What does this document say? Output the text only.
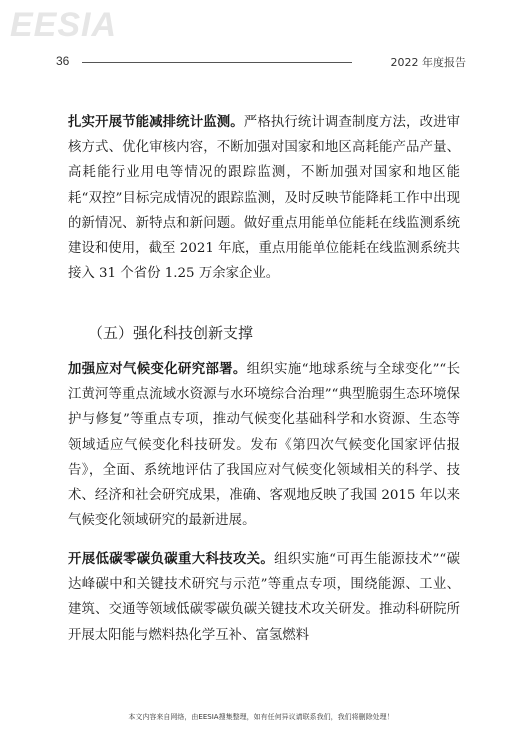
EESIA
36	2022 年度报告
扎实开展节能减排统计监测。严格执行统计调查制度方法，改进审核方式、优化审核内容，不断加强对国家和地区高耗能产品产量、高耗能行业用电等情况的跟踪监测，不断加强对国家和地区能耗“双控”目标完成情况的跟踪监测，及时反映节能降耗工作中出现的新情况、新特点和新问题。做好重点用能单位能耗在线监测系统建设和使用，截至 2021 年底，重点用能单位能耗在线监测系统共接入 31 个省份 1.25 万余家企业。
（五）强化科技创新支撑
加强应对气候变化研究部署。组织实施“地球系统与全球变化”“长江黄河等重点流域水资源与水环境综合治理”“典型脆弱生态环境保护与修复”等重点专项，推动气候变化基础科学和水资源、生态等领域适应气候变化科技研发。发布《第四次气候变化国家评估报告》，全面、系统地评估了我国应对气候变化领域相关的科学、技术、经济和社会研究成果，准确、客观地反映了我国 2015 年以来气候变化领域研究的最新进展。
开展低碳零碳负碳重大科技攻关。组织实施“可再生能源技术”“碳达峰碳中和关键技术研究与示范”等重点专项，围绕能源、工业、建筑、交通等领域低碳零碳负碳关键技术攻关研发。推动科研院所开展太阳能与燃料热化学互补、富氢燃料
本文内容来自网络，由EESIA搜集整理，如有任何异议请联系我们，我们将删除处理！
